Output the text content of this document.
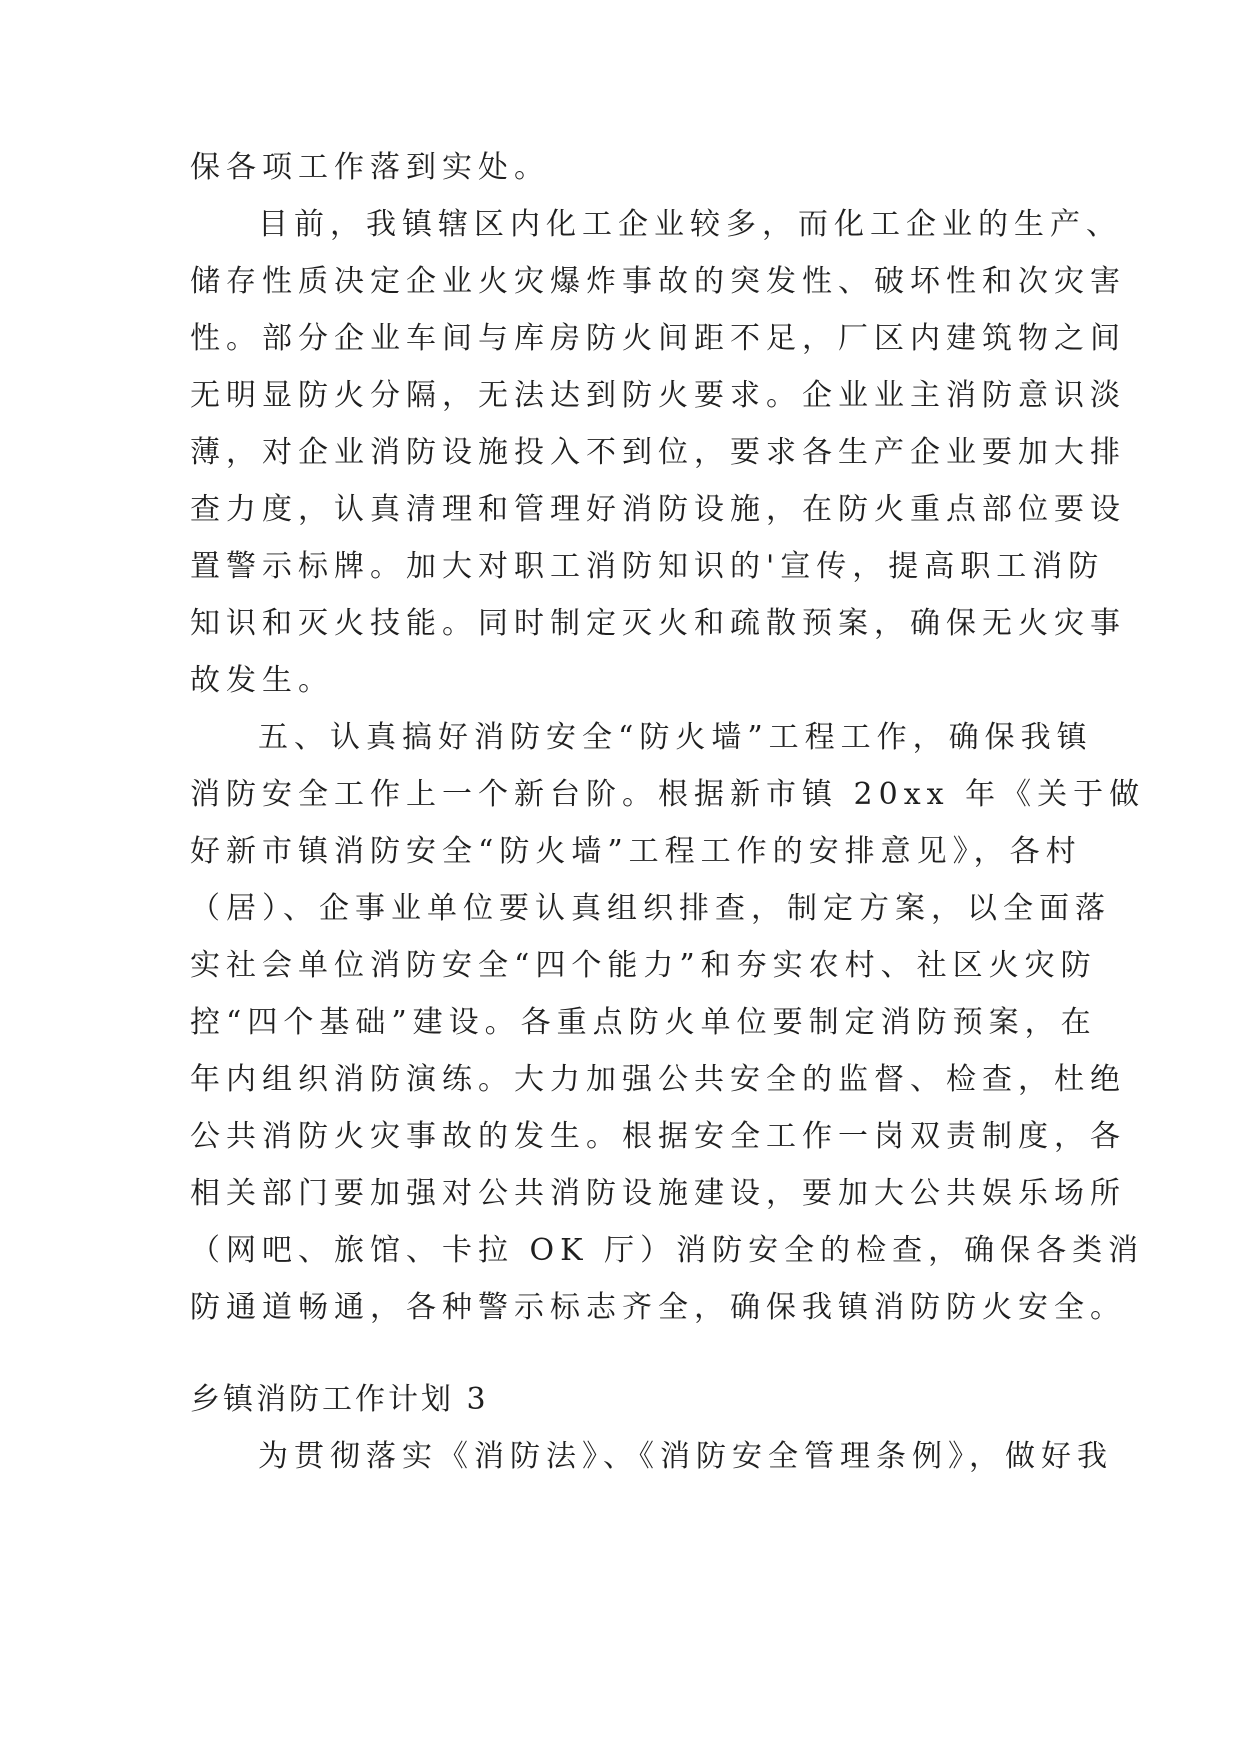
保各项工作落到实处。
目前，我镇辖区内化工企业较多，而化工企业的生产、
储存性质决定企业火灾爆炸事故的突发性、破坏性和次灾害
性。部分企业车间与库房防火间距不足，厂区内建筑物之间
无明显防火分隔，无法达到防火要求。企业业主消防意识淡
薄，对企业消防设施投入不到位，要求各生产企业要加大排
查力度，认真清理和管理好消防设施，在防火重点部位要设
置警示标牌。加大对职工消防知识的'宣传，提高职工消防
知识和灭火技能。同时制定灭火和疏散预案，确保无火灾事
故发生。
五、认真搞好消防安全“防火墙”工程工作，确保我镇
消防安全工作上一个新台阶。根据新市镇 20xx 年《关于做
好新市镇消防安全“防火墙”工程工作的安排意见》，各村
（居）、企事业单位要认真组织排查，制定方案，以全面落
实社会单位消防安全“四个能力”和夯实农村、社区火灾防
控“四个基础”建设。各重点防火单位要制定消防预案，在
年内组织消防演练。大力加强公共安全的监督、检查，杜绝
公共消防火灾事故的发生。根据安全工作一岗双责制度，各
相关部门要加强对公共消防设施建设，要加大公共娱乐场所
（网吧、旅馆、卡拉 OK 厅）消防安全的检查，确保各类消
防通道畅通，各种警示标志齐全，确保我镇消防防火安全。
乡镇消防工作计划 3
为贯彻落实《消防法》、《消防安全管理条例》，做好我
